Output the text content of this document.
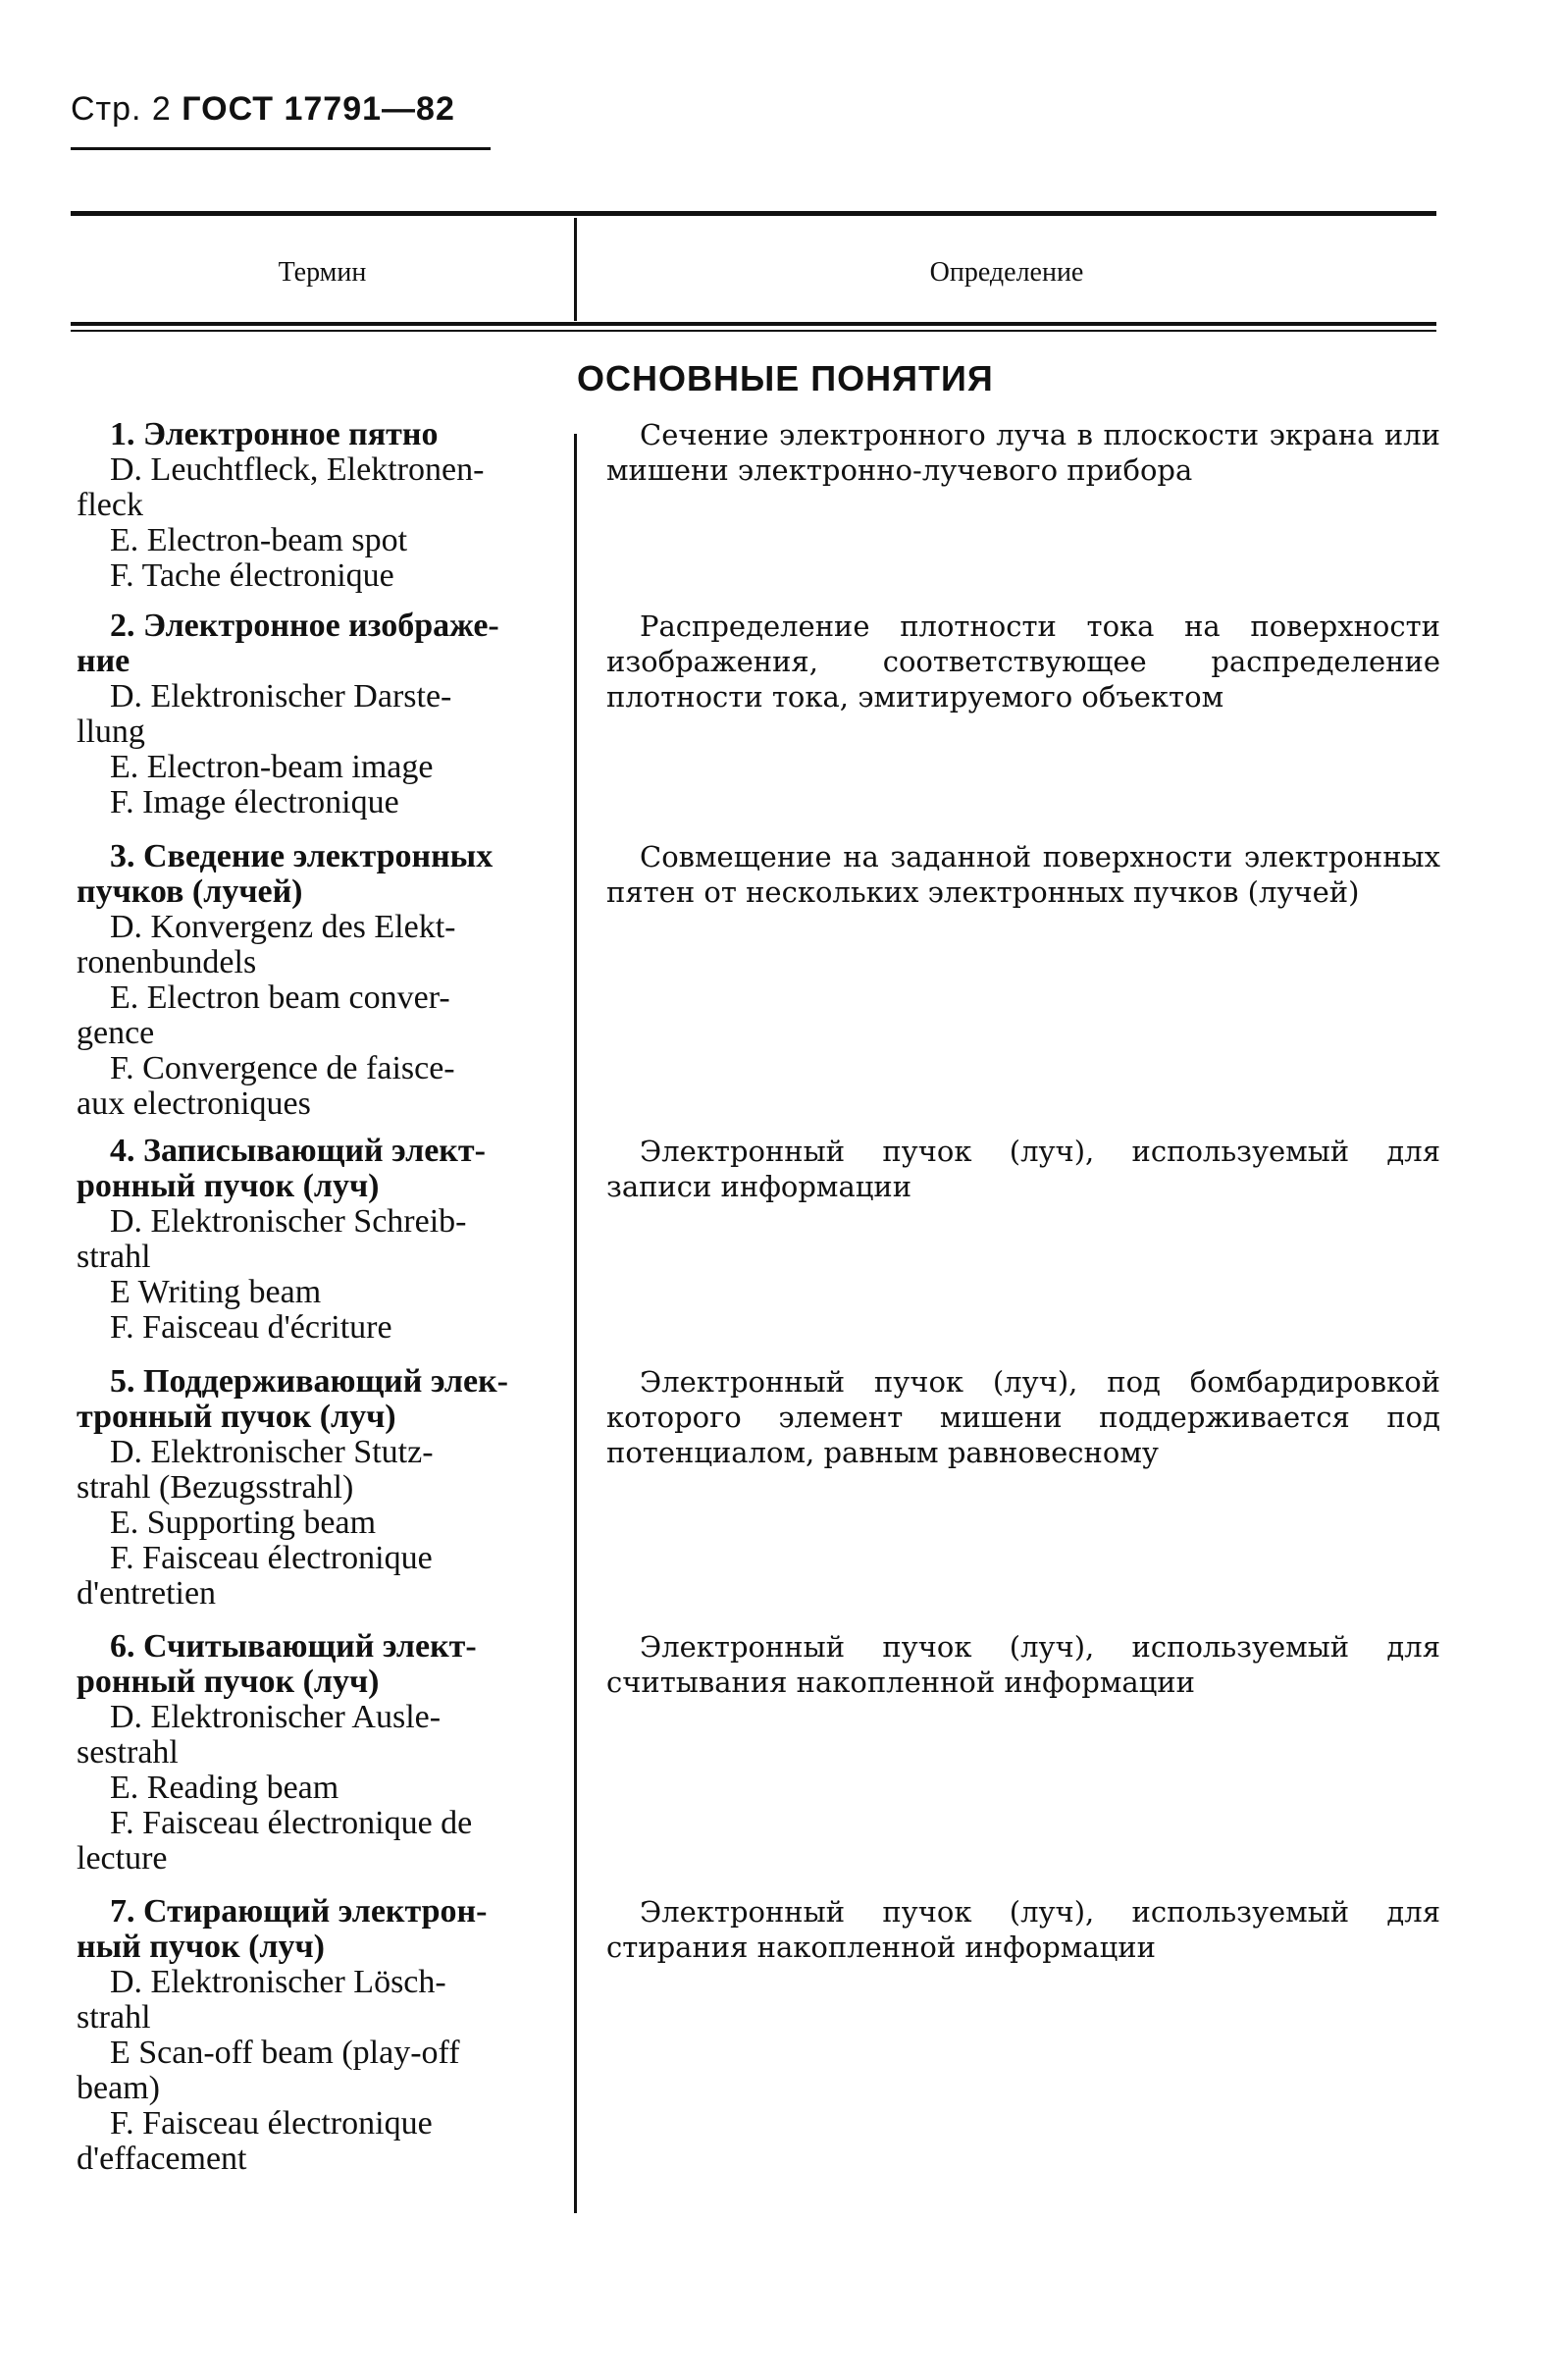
Стр. 2 ГОСТ 17791—82
Термин	Определение
ОСНОВНЫЕ ПОНЯТИЯ
1. Электронное пятно
D. Leuchtfleck, Elektronen-
fleck
E. Electron-beam spot
F. Tache électronique
Сечение электронного луча в плоскости экрана или мишени электронно-лучевого прибора
2. Электронное изображе-
ние
D. Elektronischer Darste-
llung
E. Electron-beam image
F. Image électronique
Распределение плотности тока на поверхности изображения, соответствующее распределение плотности тока, эмитируемого объектом
3. Сведение электронных
пучков (лучей)
D. Konvergenz des Elekt-
ronenbundels
E. Electron beam conver-
gence
F. Convergence de faisce-
aux electroniques
Совмещение на заданной поверхности электронных пятен от нескольких электронных пучков (лучей)
4. Записывающий элект-
ронный пучок (луч)
D. Elektronischer Schreib-
strahl
E Writing beam
F. Faisceau d'écriture
Электронный пучок (луч), используемый для записи информации
5. Поддерживающий элек-
тронный пучок (луч)
D. Elektronischer Stutz-
strahl (Bezugsstrahl)
E. Supporting beam
F. Faisceau électronique
d'entretien
Электронный пучок (луч), под бомбардировкой которого элемент мишени поддерживается под потенциалом, равным равновесному
6. Считывающий элект-
ронный пучок (луч)
D. Elektronischer Ausle-
sestrahl
E. Reading beam
F. Faisceau électronique de
lecture
Электронный пучок (луч), используемый для считывания накопленной информации
7. Стирающий электрон-
ный пучок (луч)
D. Elektronischer Lösch-
strahl
E Scan-off beam (play-off
beam)
F. Faisceau électronique
d'effacement
Электронный пучок (луч), используемый для стирания накопленной информации
